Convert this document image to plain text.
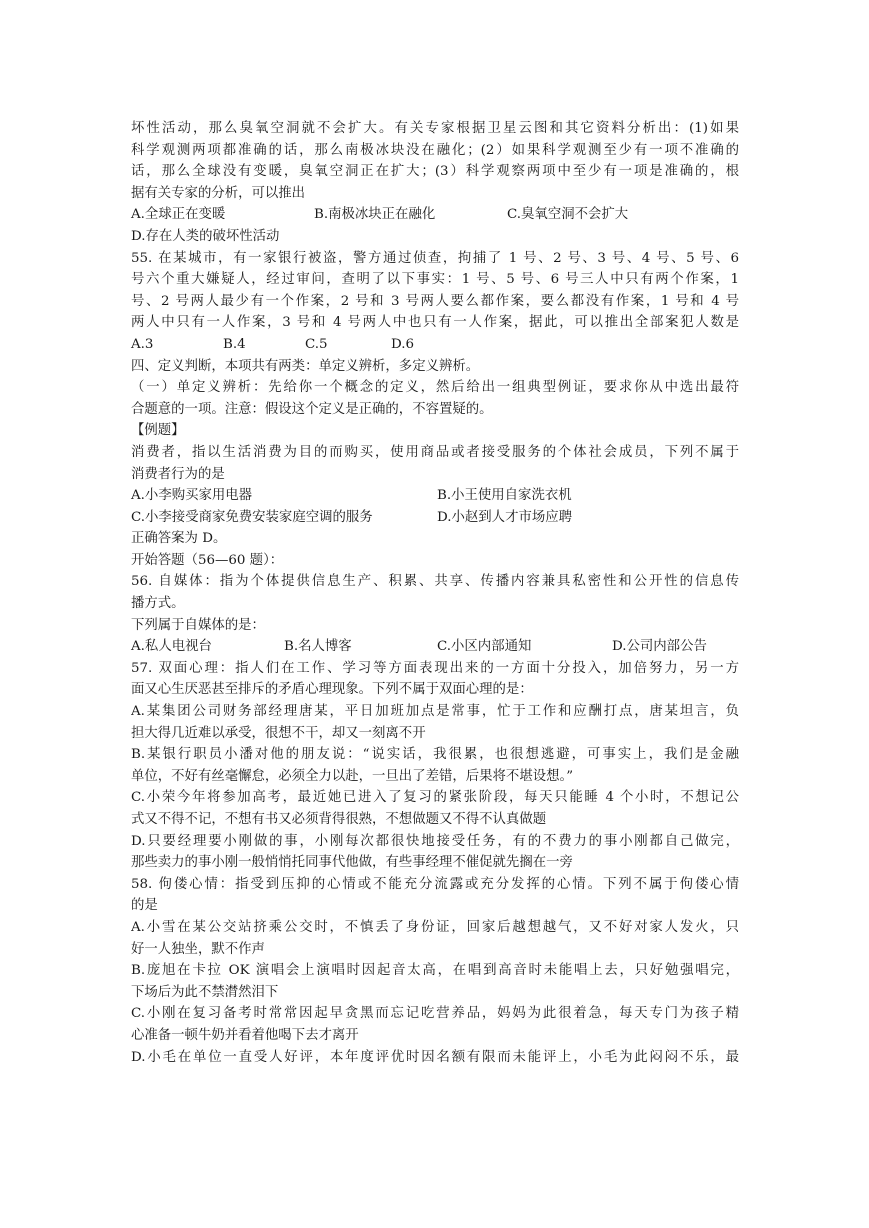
坏性活动，那么臭氧空洞就不会扩大。有关专家根据卫星云图和其它资料分析出：(1)如果
科学观测两项都准确的话，那么南极冰块没在融化；(2）如果科学观测至少有一项不准确的
话，那么全球没有变暖，臭氧空洞正在扩大；(3）科学观察两项中至少有一项是准确的，根
据有关专家的分析，可以推出
A.全球正在变暖	B.南极冰块正在融化	C.臭氧空洞不会扩大
D.存在人类的破坏性活动
55. 在某城市，有一家银行被盗，警方通过侦查，拘捕了 1 号、2 号、3 号、4 号、5 号、6
号六个重大嫌疑人，经过审问，查明了以下事实：1 号、5 号、6 号三人中只有两个作案，1
号、2 号两人最少有一个作案，2 号和 3 号两人要么都作案，要么都没有作案，1 号和 4 号
两人中只有一人作案，3 号和 4 号两人中也只有一人作案，据此，可以推出全部案犯人数是
A.3	B.4	C.5	D.6
四、定义判断，本项共有两类：单定义辨析，多定义辨析。
（一）单定义辨析：先给你一个概念的定义，然后给出一组典型例证，要求你从中选出最符
合题意的一项。注意：假设这个定义是正确的，不容置疑的。
【例题】
消费者，指以生活消费为目的而购买，使用商品或者接受服务的个体社会成员，下列不属于
消费者行为的是
A.小李购买家用电器	B.小王使用自家洗衣机
C.小李接受商家免费安装家庭空调的服务	D.小赵到人才市场应聘
正确答案为 D。
开始答题（56—60 题）：
56. 自媒体：指为个体提供信息生产、积累、共享、传播内容兼具私密性和公开性的信息传
播方式。
下列属于自媒体的是：
A.私人电视台	B.名人博客	C.小区内部通知	D.公司内部公告
57. 双面心理：指人们在工作、学习等方面表现出来的一方面十分投入，加倍努力，另一方
面又心生厌恶甚至排斥的矛盾心理现象。下列不属于双面心理的是：
A.某集团公司财务部经理唐某，平日加班加点是常事，忙于工作和应酬打点，唐某坦言，负
担大得几近难以承受，很想不干，却又一刻离不开
B.某银行职员小潘对他的朋友说：“说实话，我很累，也很想逃避，可事实上，我们是金融
单位，不好有丝毫懈怠，必须全力以赴，一旦出了差错，后果将不堪设想。”
C.小荣今年将参加高考，最近她已进入了复习的紧张阶段，每天只能睡 4 个小时，不想记公
式又不得不记，不想有书又必须背得很熟，不想做题又不得不认真做题
D.只要经理要小刚做的事，小刚每次都很快地接受任务，有的不费力的事小刚都自己做完，
那些卖力的事小刚一般悄悄托同事代他做，有些事经理不催促就先搁在一旁
58. 佝偻心情：指受到压抑的心情或不能充分流露或充分发挥的心情。下列不属于佝偻心情
的是
A.小雪在某公交站挤乘公交时，不慎丢了身份证，回家后越想越气，又不好对家人发火，只
好一人独坐，默不作声
B.庞旭在卡拉 OK 演唱会上演唱时因起音太高，在唱到高音时未能唱上去，只好勉强唱完，
下场后为此不禁潸然泪下
C.小刚在复习备考时常常因起早贪黑而忘记吃营养品，妈妈为此很着急，每天专门为孩子精
心准备一顿牛奶并看着他喝下去才离开
D.小毛在单位一直受人好评，本年度评优时因名额有限而未能评上，小毛为此闷闷不乐，最
